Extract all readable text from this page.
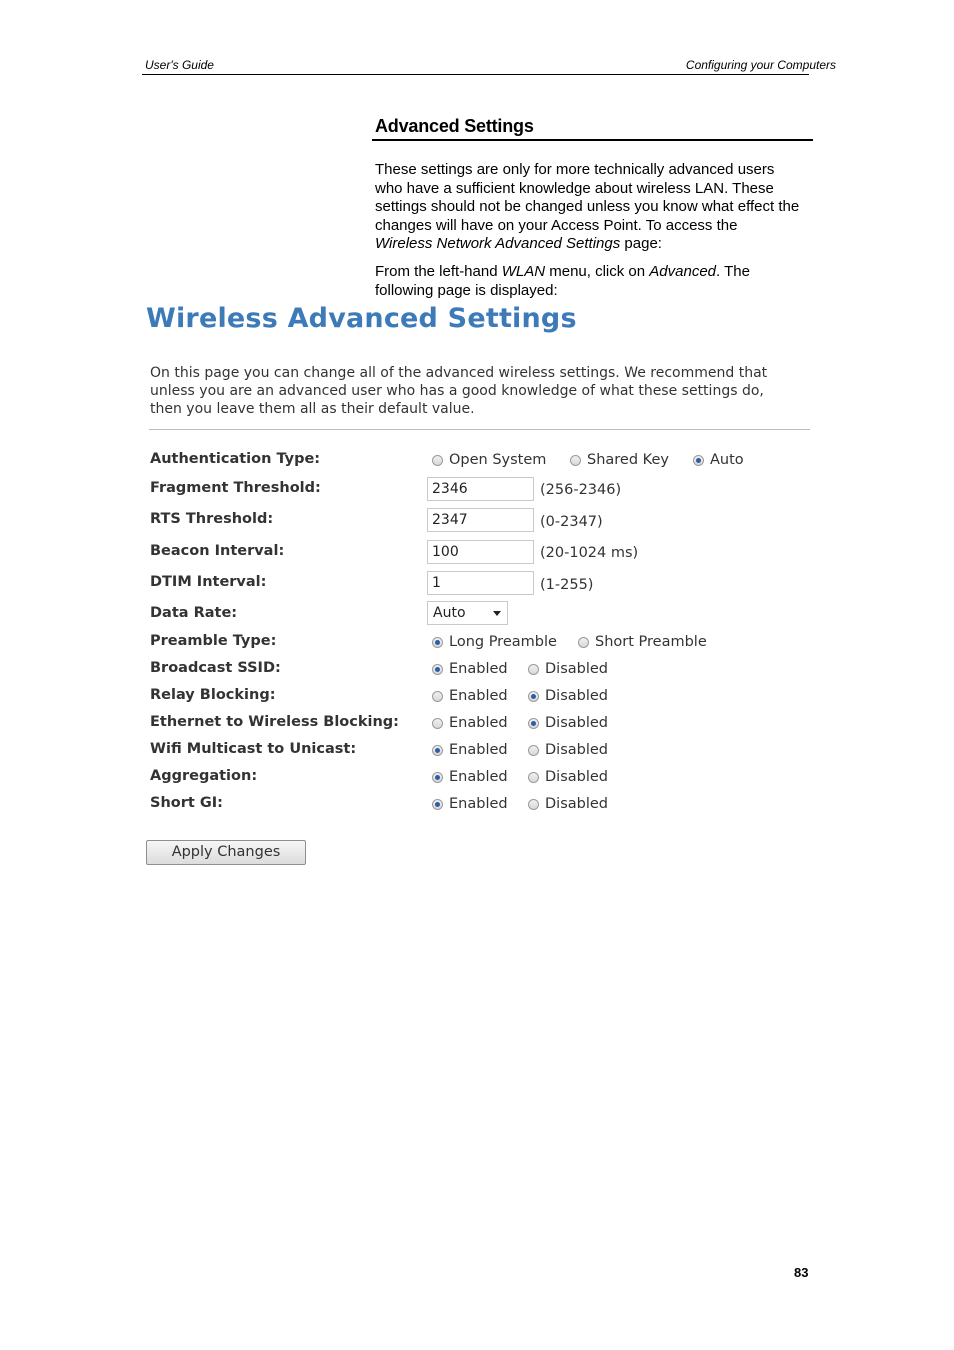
User's Guide	Configuring your Computers
Advanced Settings
These settings are only for more technically advanced users
who have a sufficient knowledge about wireless LAN. These
settings should not be changed unless you know what effect the
changes will have on your Access Point. To access the
Wireless Network Advanced Settings page:
From the left-hand WLAN menu, click on Advanced. The
following page is displayed:
Wireless Advanced Settings
On this page you can change all of the advanced wireless settings. We recommend that
unless you are an advanced user who has a good knowledge of what these settings do,
then you leave them all as their default value.
Authentication Type:	Open System	Shared Key	Auto
Fragment Threshold:	2346	(256-2346)
RTS Threshold:	2347	(0-2347)
Beacon Interval:	100	(20-1024 ms)
DTIM Interval:	1	(1-255)
Data Rate:	Auto
Preamble Type:	Long Preamble	Short Preamble
Broadcast SSID:	Enabled	Disabled
Relay Blocking:	Enabled	Disabled
Ethernet to Wireless Blocking:	Enabled	Disabled
Wifi Multicast to Unicast:	Enabled	Disabled
Aggregation:	Enabled	Disabled
Short GI:	Enabled	Disabled
Apply Changes
83
